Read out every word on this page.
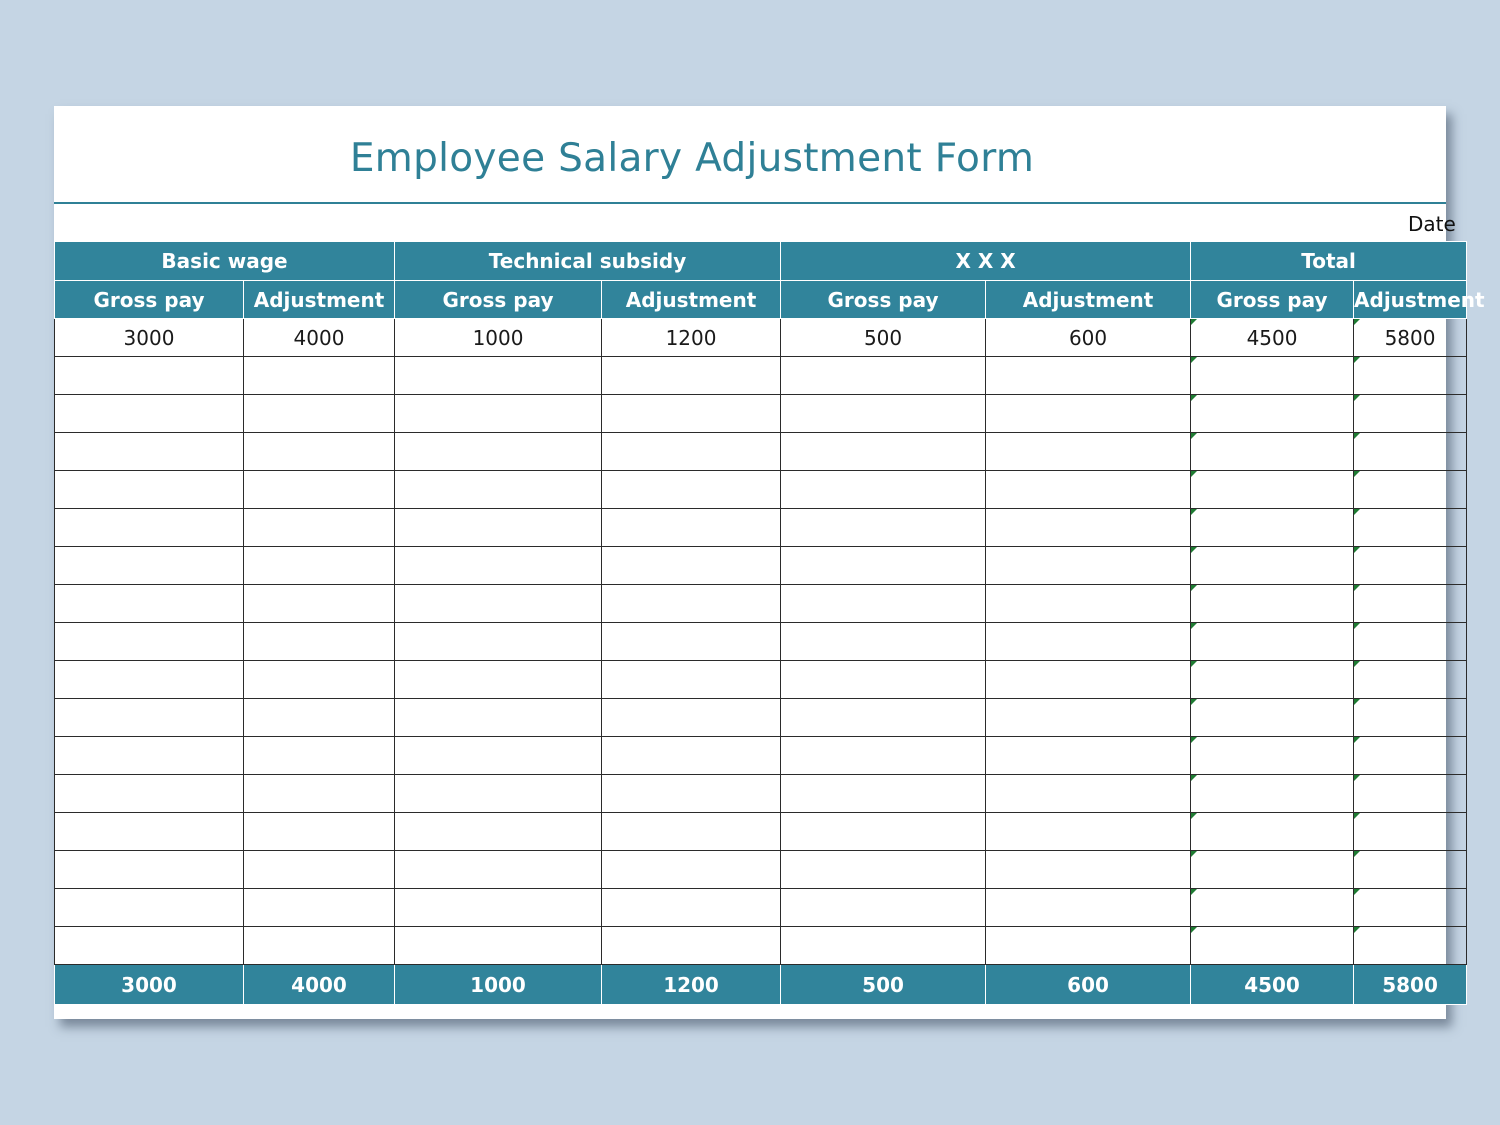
Employee Salary Adjustment Form
Date
Basic wage		Technical subsidy		X X X		Total	
Gross pay	Adjustment	Gross pay	Adjustment	Gross pay	Adjustment	Gross pay	Adjustment
3000	4000	1000	1200	500	600	4500	5800

3000	4000	1000	1200	500	600	4500	5800
